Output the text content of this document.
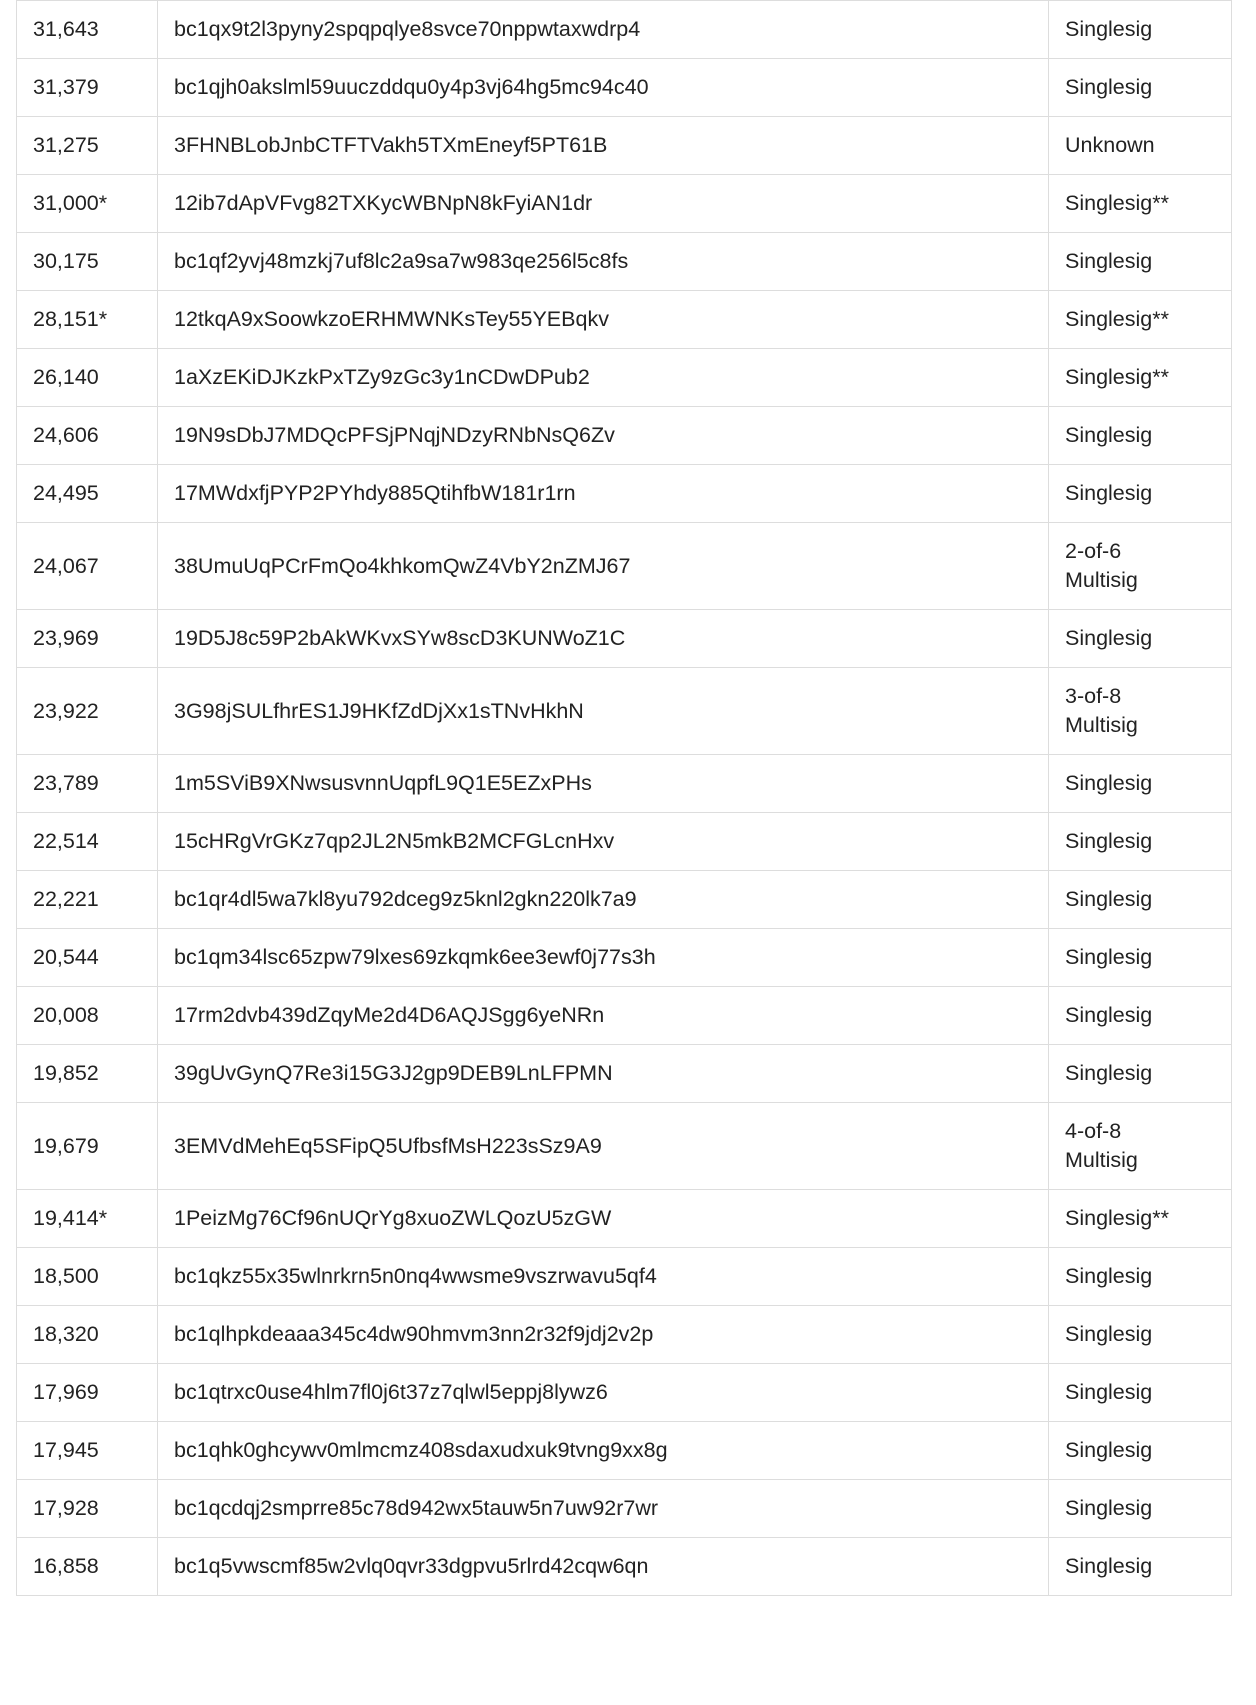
31,643	bc1qx9t2l3pyny2spqpqlye8svce70nppwtaxwdrp4	Singlesig

31,379	bc1qjh0akslml59uuczddqu0y4p3vj64hg5mc94c40	Singlesig

31,275	3FHNBLobJnbCTFTVakh5TXmEneyf5PT61B	Unknown

31,000*	12ib7dApVFvg82TXKycWBNpN8kFyiAN1dr	Singlesig**

30,175	bc1qf2yvj48mzkj7uf8lc2a9sa7w983qe256l5c8fs	Singlesig

28,151*	12tkqA9xSoowkzoERHMWNKsTey55YEBqkv	Singlesig**

26,140	1aXzEKiDJKzkPxTZy9zGc3y1nCDwDPub2	Singlesig**

24,606	19N9sDbJ7MDQcPFSjPNqjNDzyRNbNsQ6Zv	Singlesig

24,495	17MWdxfjPYP2PYhdy885QtihfbW181r1rn	Singlesig

24,067	38UmuUqPCrFmQo4khkomQwZ4VbY2nZMJ67	2-of-6
Multisig

23,969	19D5J8c59P2bAkWKvxSYw8scD3KUNWoZ1C	Singlesig

23,922	3G98jSULfhrES1J9HKfZdDjXx1sTNvHkhN	3-of-8
Multisig

23,789	1m5SViB9XNwsusvnnUqpfL9Q1E5EZxPHs	Singlesig

22,514	15cHRgVrGKz7qp2JL2N5mkB2MCFGLcnHxv	Singlesig

22,221	bc1qr4dl5wa7kl8yu792dceg9z5knl2gkn220lk7a9	Singlesig

20,544	bc1qm34lsc65zpw79lxes69zkqmk6ee3ewf0j77s3h	Singlesig

20,008	17rm2dvb439dZqyMe2d4D6AQJSgg6yeNRn	Singlesig

19,852	39gUvGynQ7Re3i15G3J2gp9DEB9LnLFPMN	Singlesig

19,679	3EMVdMehEq5SFipQ5UfbsfMsH223sSz9A9	4-of-8
Multisig

19,414*	1PeizMg76Cf96nUQrYg8xuoZWLQozU5zGW	Singlesig**

18,500	bc1qkz55x35wlnrkrn5n0nq4wwsme9vszrwavu5qf4	Singlesig

18,320	bc1qlhpkdeaaa345c4dw90hmvm3nn2r32f9jdj2v2p	Singlesig

17,969	bc1qtrxc0use4hlm7fl0j6t37z7qlwl5eppj8lywz6	Singlesig

17,945	bc1qhk0ghcywv0mlmcmz408sdaxudxuk9tvng9xx8g	Singlesig

17,928	bc1qcdqj2smprre85c78d942wx5tauw5n7uw92r7wr	Singlesig

16,858	bc1q5vwscmf85w2vlq0qvr33dgpvu5rlrd42cqw6qn	Singlesig
